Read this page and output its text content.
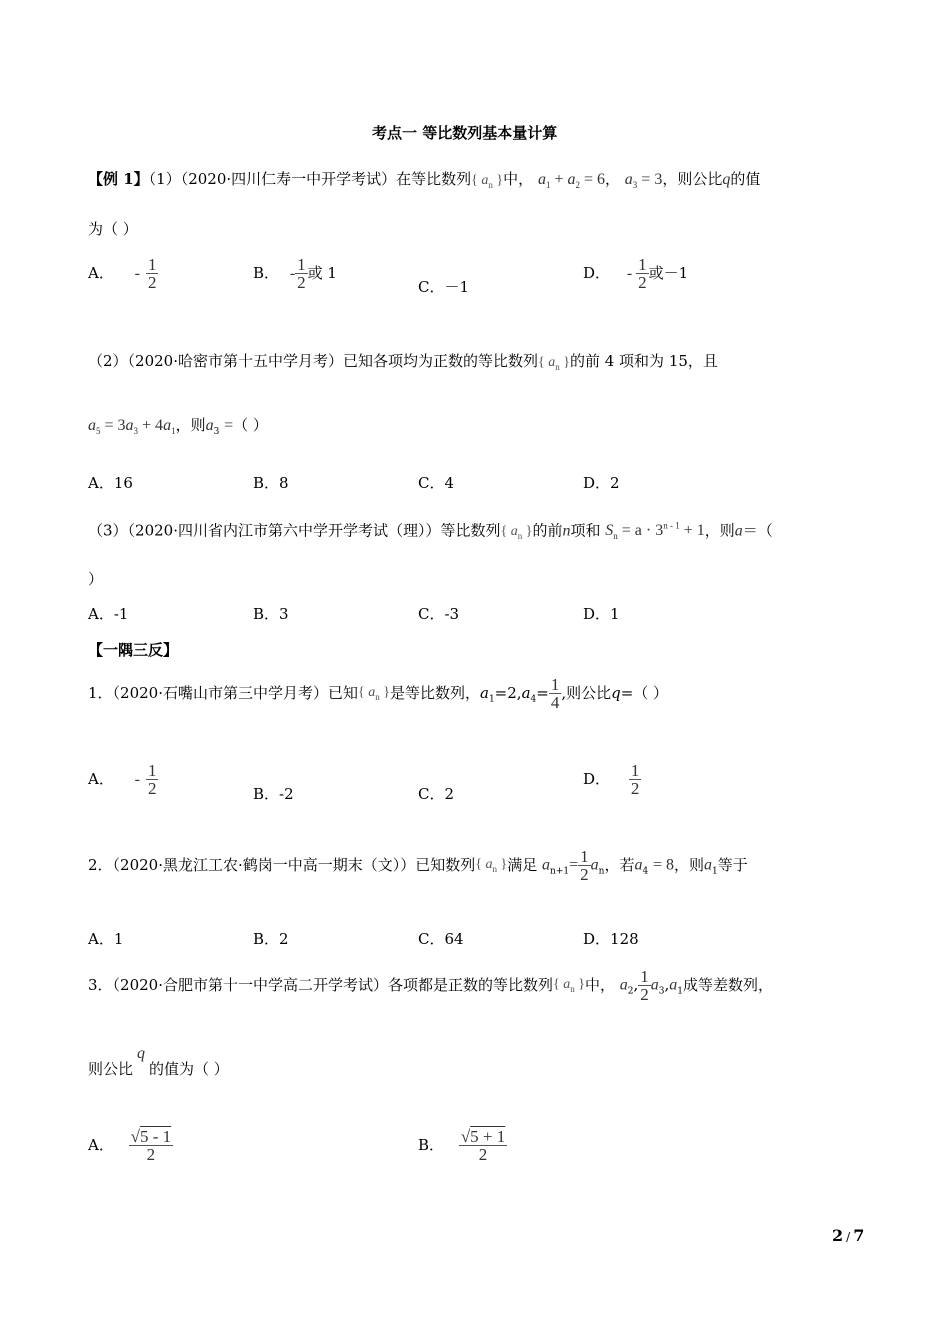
考点一 等比数列基本量计算
【例 1】（1）（2020·四川仁寿一中开学考试）在等比数列{ $a_n$ }中， $a_1 + a_2 = 6$， $a_3 = 3$，则公比q的值
为（ ）
A． - $\frac{1}{2}$	B． - $\frac{1}{2}$ 或 1
C．－1
D． - $\frac{1}{2}$ 或－1
（2）（2020·哈密市第十五中学月考）已知各项均为正数的等比数列{ $a_n$ }的前 4 项和为 15，且
$a_5 = 3a_3 + 4a_1$，则$a_3$ =（ ）
A．16	B．8	C．4	D．2
（3）（2020·四川省内江市第六中学开学考试（理））等比数列{ $a_n$ }的前n项和 $S_n = a \cdot 3^{n - 1} + 1$，则a＝（
）
A．-1	B．3	C．-3	D．1
【一隅三反】
1．（2020·石嘴山市第三中学月考）已知{ $a_n$ }是等比数列，$a_1=2,a_4= \frac{1}{4}$ ,则公比q=（ ）
A． - $\frac{1}{2}$	B．-2	C．2
D． $\frac{1}{2}$
2．（2020·黑龙江工农·鹤岗一中高一期末（文））已知数列{ $a_n$ }满足 $a_{n+1}= \frac{1}{2} a_n$，若$a_4 = 8$，则$a_1$等于
A．1	B．2	C．64	D．128
3．（2020·合肥市第十一中学高二开学考试）各项都是正数的等比数列{ $a_n$ }中， $a_2$, $\frac{1}{2} a_3,a_1$成等差数列，
则公比q的值为（ ）
A． $\frac{√5 - 1}{2}$	B． $\frac{√5 + 1}{2}$
2 / 7
